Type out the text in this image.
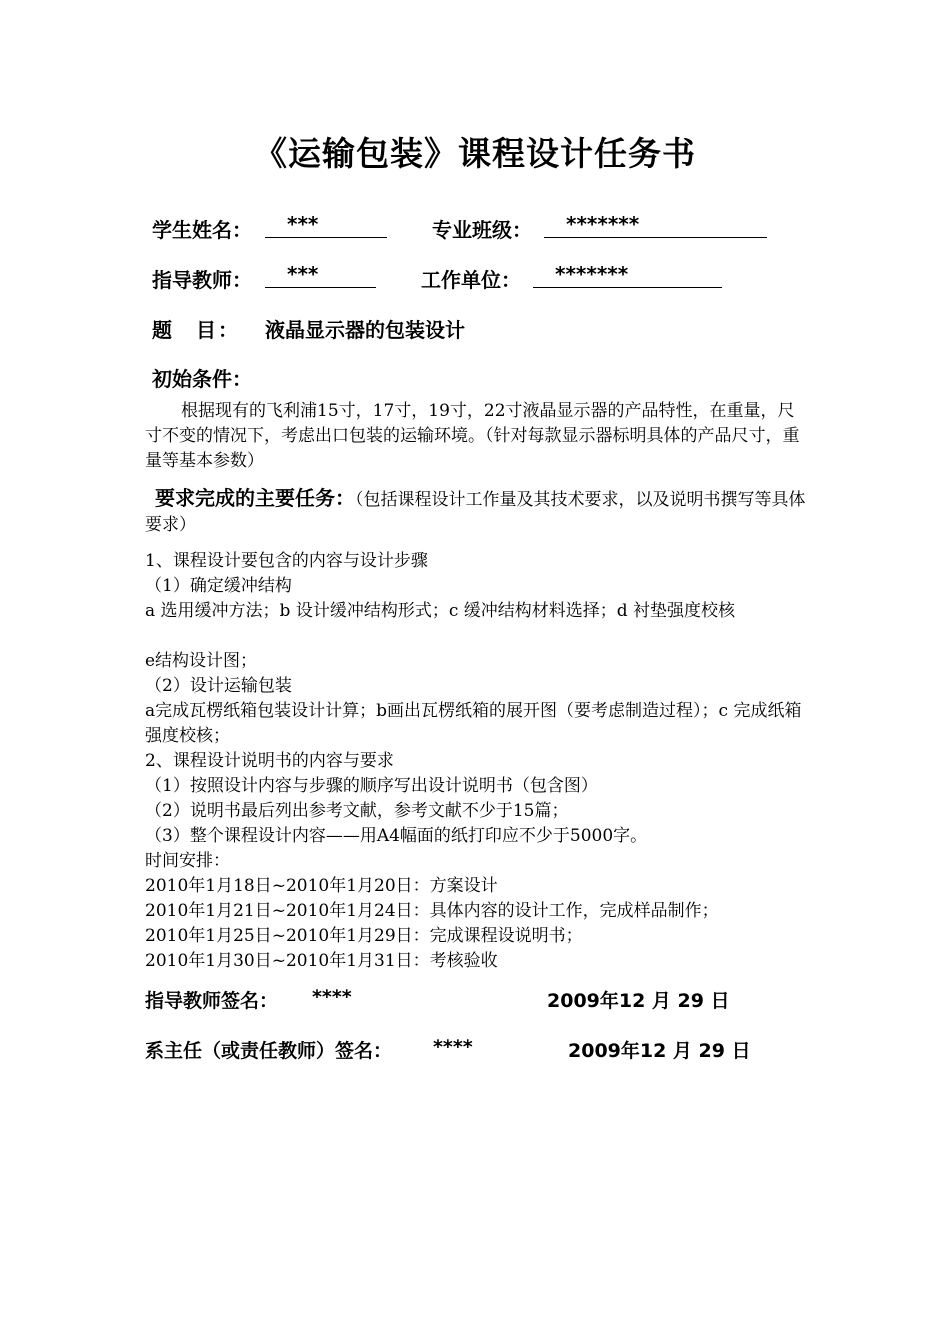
《运输包装》课程设计任务书
学生姓名：	***	专业班级：	*******
指导教师：	***	工作单位：	*******
题　目： 液晶显示器的包装设计
初始条件：
根据现有的飞利浦15寸，17寸，19寸，22寸液晶显示器的产品特性，在重量，尺寸不变的情况下，考虑出口包装的运输环境。（针对每款显示器标明具体的产品尺寸，重量等基本参数）
要求完成的主要任务：（包括课程设计工作量及其技术要求，以及说明书撰写等具体要求）
1、课程设计要包含的内容与设计步骤
（1）确定缓冲结构
a 选用缓冲方法；b 设计缓冲结构形式；c 缓冲结构材料选择；d 衬垫强度校核
e结构设计图；
（2）设计运输包装
a完成瓦楞纸箱包装设计计算；b画出瓦楞纸箱的展开图（要考虑制造过程）；c 完成纸箱强度校核；
2、课程设计说明书的内容与要求
（1）按照设计内容与步骤的顺序写出设计说明书（包含图）
（2）说明书最后列出参考文献，参考文献不少于15篇；
（3）整个课程设计内容——用A4幅面的纸打印应不少于5000字。
时间安排：
2010年1月18日~2010年1月20日：方案设计
2010年1月21日~2010年1月24日：具体内容的设计工作，完成样品制作；
2010年1月25日~2010年1月29日：完成课程设说明书；
2010年1月30日~2010年1月31日：考核验收
指导教师签名： ****	2009年12 月 29 日
系主任（或责任教师）签名： ****	2009年12 月 29 日
